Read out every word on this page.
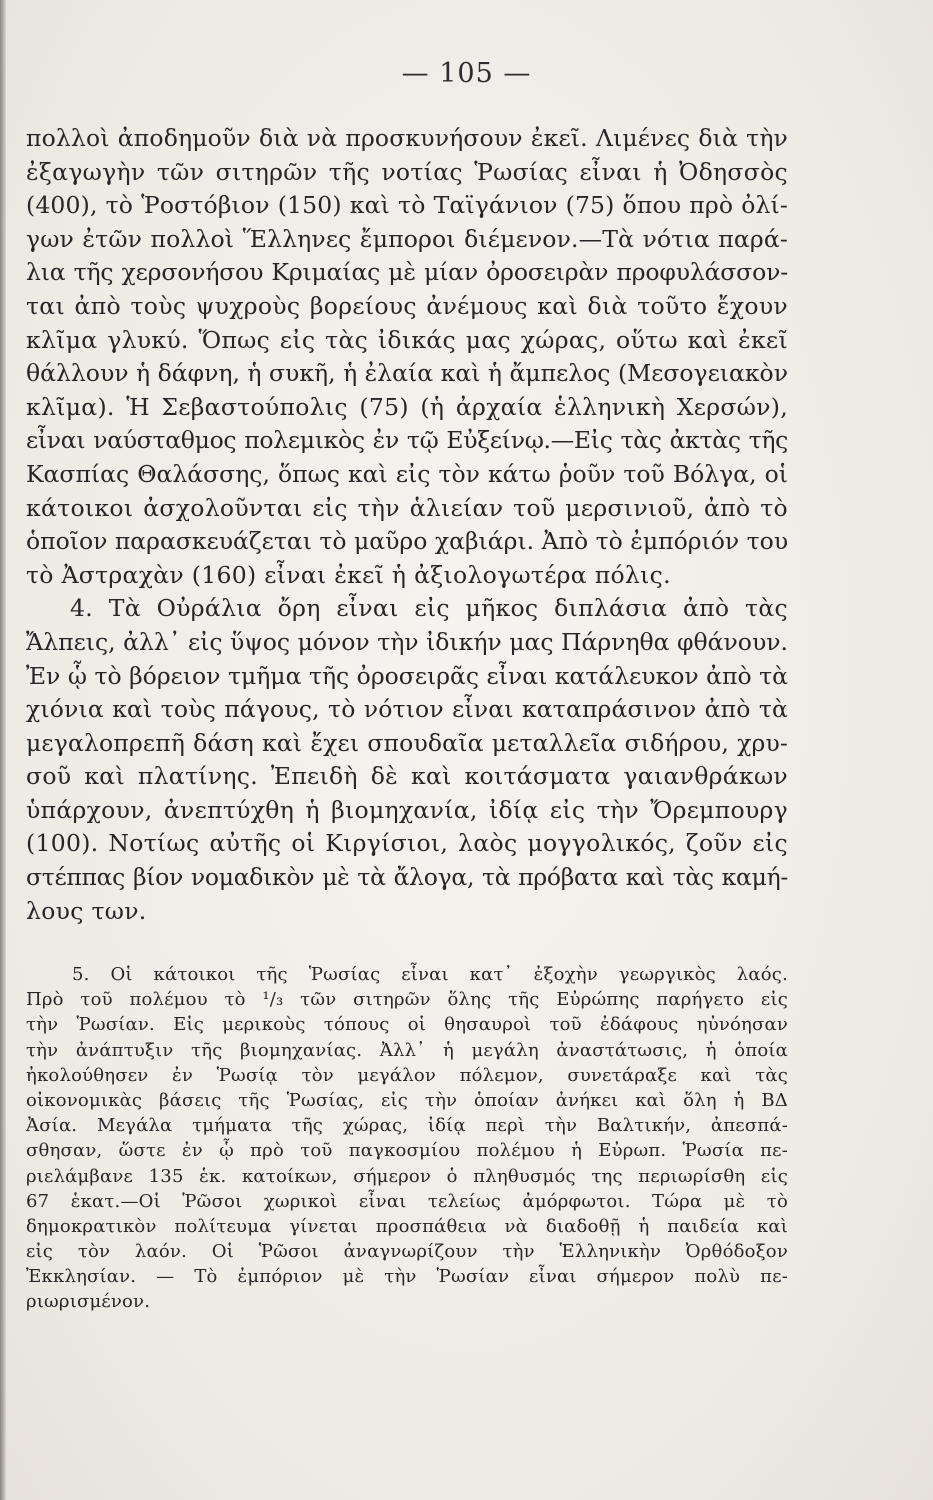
— 105 —
πολλοὶ ἀποδημοῦν διὰ νὰ προσκυνήσουν ἐκεῖ. Λιμένες διὰ τὴν
ἐξαγωγὴν τῶν σιτηρῶν τῆς νοτίας Ῥωσίας εἶναι ἡ Ὀδησσὸς
(400), τὸ Ῥοστόβιον (150) καὶ τὸ Ταϊγάνιον (75) ὅπου πρὸ ὀλί-
γων ἐτῶν πολλοὶ Ἕλληνες ἔμποροι διέμενον.—Τὰ νότια παρά-
λια τῆς χερσονήσου Κριμαίας μὲ μίαν ὀροσειρὰν προφυλάσσον-
ται ἀπὸ τοὺς ψυχροὺς βορείους ἀνέμους καὶ διὰ τοῦτο ἔχουν
κλῖμα γλυκύ. Ὅπως εἰς τὰς ἰδικάς μας χώρας, οὕτω καὶ ἐκεῖ
θάλλουν ἡ δάφνη, ἡ συκῆ, ἡ ἐλαία καὶ ἡ ἄμπελος (Μεσογειακὸν
κλῖμα). Ἡ Σεβαστούπολις (75) (ἡ ἀρχαία ἑλληνικὴ Χερσών),
εἶναι ναύσταθμος πολεμικὸς ἐν τῷ Εὐξείνῳ.—Εἰς τὰς ἀκτὰς τῆς
Κασπίας Θαλάσσης, ὅπως καὶ εἰς τὸν κάτω ῥοῦν τοῦ Βόλγα, οἱ
κάτοικοι ἀσχολοῦνται εἰς τὴν ἁλιείαν τοῦ μερσινιοῦ, ἀπὸ τὸ
ὁποῖον παρασκευάζεται τὸ μαῦρο χαβιάρι. Ἀπὸ τὸ ἐμπόριόν του
τὸ Ἀστραχὰν (160) εἶναι ἐκεῖ ἡ ἀξιολογωτέρα πόλις.
4. Τὰ Οὐράλια ὄρη εἶναι εἰς μῆκος διπλάσια ἀπὸ τὰς
Ἄλπεις, ἀλλ᾽ εἰς ὕψος μόνον τὴν ἰδικήν μας Πάρνηθα φθάνουν.
Ἐν ᾧ τὸ βόρειον τμῆμα τῆς ὀροσειρᾶς εἶναι κατάλευκον ἀπὸ τὰ
χιόνια καὶ τοὺς πάγους, τὸ νότιον εἶναι καταπράσινον ἀπὸ τὰ
μεγαλοπρεπῆ δάση καὶ ἔχει σπουδαῖα μεταλλεῖα σιδήρου, χρυ-
σοῦ καὶ πλατίνης. Ἐπειδὴ δὲ καὶ κοιτάσματα γαιανθράκων
ὑπάρχουν, ἀνεπτύχθη ἡ βιομηχανία, ἰδίᾳ εἰς τὴν Ὄρεμπουργ
(100). Νοτίως αὐτῆς οἱ Κιργίσιοι, λαὸς μογγολικός, ζοῦν εἰς
στέππας βίον νομαδικὸν μὲ τὰ ἄλογα, τὰ πρόβατα καὶ τὰς καμή-
λους των.
5. Οἱ κάτοικοι τῆς Ῥωσίας εἶναι κατ᾽ ἐξοχὴν γεωργικὸς λαός.
Πρὸ τοῦ πολέμου τὸ ¹/₃ τῶν σιτηρῶν ὅλης τῆς Εὐρώπης παρήγετο εἰς
τὴν Ῥωσίαν. Εἰς μερικοὺς τόπους οἱ θησαυροὶ τοῦ ἐδάφους ηὐνόησαν
τὴν ἀνάπτυξιν τῆς βιομηχανίας. Ἀλλ᾽ ἡ μεγάλη ἀναστάτωσις, ἡ ὁποία
ἠκολούθησεν ἐν Ῥωσίᾳ τὸν μεγάλον πόλεμον, συνετάραξε καὶ τὰς
οἰκονομικὰς βάσεις τῆς Ῥωσίας, εἰς τὴν ὁποίαν ἀνήκει καὶ ὅλη ἡ ΒΔ
Ἀσία. Μεγάλα τμήματα τῆς χώρας, ἰδίᾳ περὶ τὴν Βαλτικήν, ἀπεσπά-
σθησαν, ὥστε ἐν ᾧ πρὸ τοῦ παγκοσμίου πολέμου ἡ Εὐρωπ. Ῥωσία πε-
ριελάμβανε 135 ἑκ. κατοίκων, σήμερον ὁ πληθυσμός της περιωρίσθη εἰς
67 ἑκατ.—Οἱ Ῥῶσοι χωρικοὶ εἶναι τελείως ἀμόρφωτοι. Τώρα μὲ τὸ
δημοκρατικὸν πολίτευμα γίνεται προσπάθεια νὰ διαδοθῇ ἡ παιδεία καὶ
εἰς τὸν λαόν. Οἱ Ῥῶσοι ἀναγνωρίζουν τὴν Ἑλληνικὴν Ὀρθόδοξον
Ἐκκλησίαν. — Τὸ ἐμπόριον μὲ τὴν Ῥωσίαν εἶναι σήμερον πολὺ πε-
ριωρισμένον.
